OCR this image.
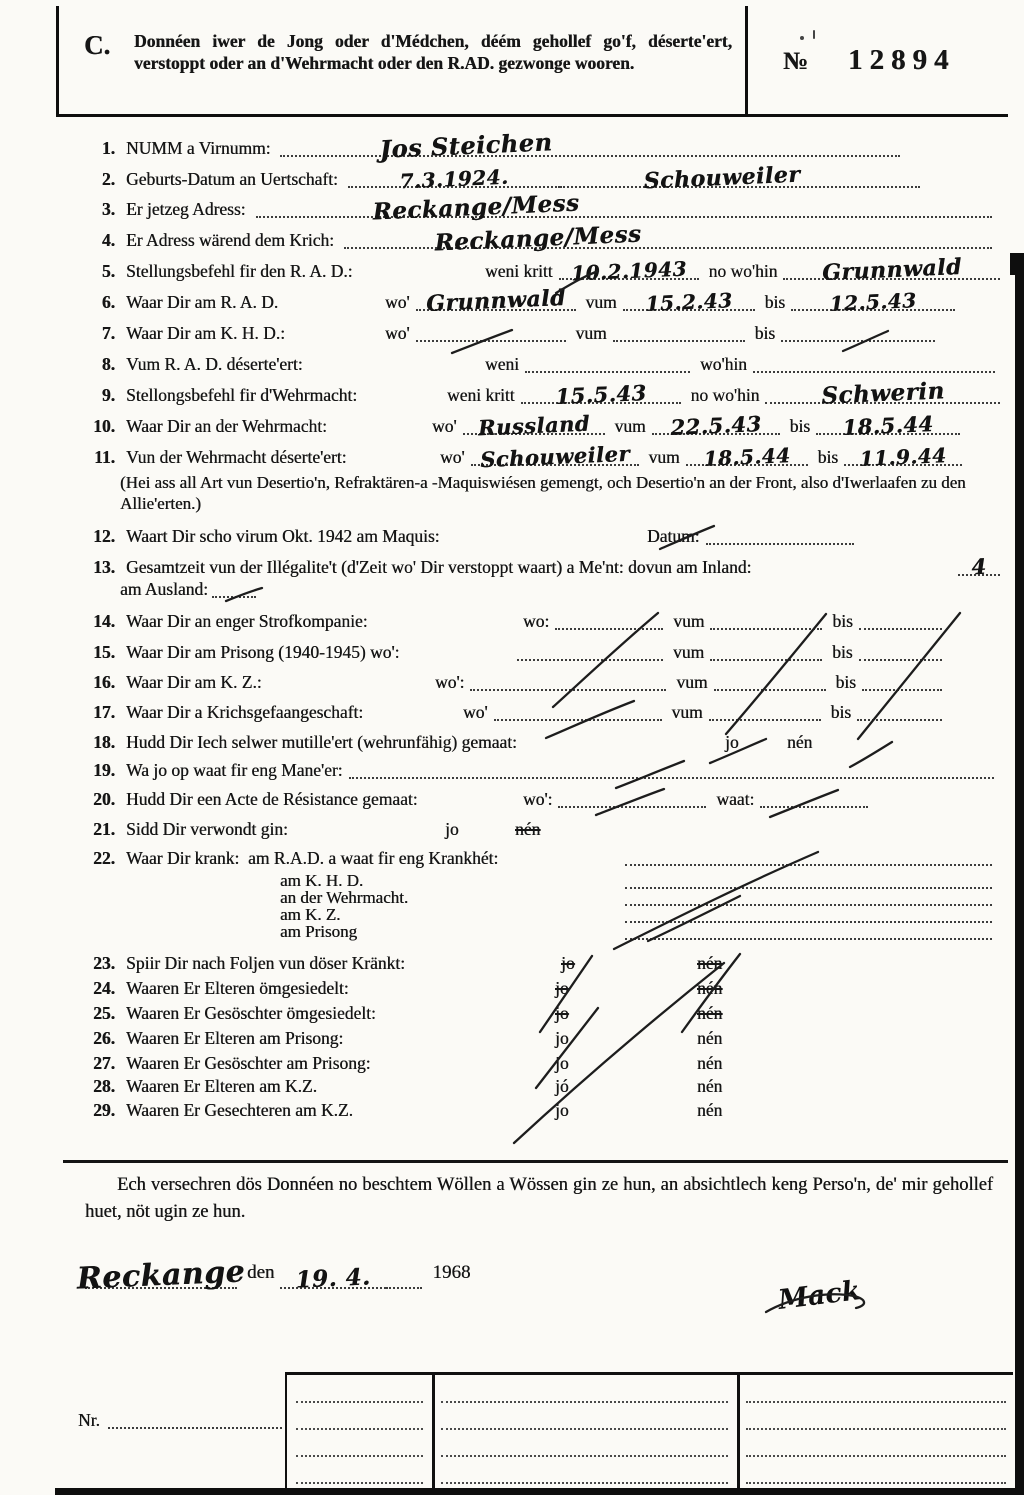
C. Donnéen iwer de Jong oder d'Médchen, déém gehollef go'f, déserte'ert, verstoppt oder an d'Wehrmacht oder den R.AD. gezwonge wooren.	№ 12894
1. NUMM a Virnumm:	Jos Steichen
2. Geburts-Datum an Uertschaft:	7.3.1924.	Schouweiler
3. Er jetzeg Adress:	Reckange/Mess
4. Er Adress wärend dem Krich:	Reckange/Mess
5. Stellungsbefehl fir den R. A. D.:	weni kritt 10.2.1943 no wo'hin Grunnwald
6. Waar Dir am R. A. D.	wo' Grunnwald vum 15.2.43 bis 12.5.43
7. Waar Dir am K. H. D.:	wo'	vum	bis
8. Vum R. A. D. déserte'ert:	weni	wo'hin
9. Stellongsbefehl fir d'Wehrmacht:	weni kritt 15.5.43	no wo'hin	Schwerin
10. Waar Dir an der Wehrmacht:	wo' Russland vum 22.5.43 bis 18.5.44
11. Vun der Wehrmacht déserte'ert:	wo' Schouweiler vum 18.5.44 bis 11.9.44
(Hei ass all Art vun Desertio'n, Refraktären-a -Maquiswiésen gemengt, och Desertio'n an der Front, also d'Iwerlaafen zu den Allie'erten.)
12. Waart Dir scho virum Okt. 1942 am Maquis:	Datum:
13. Gesamtzeit vun der Illégalite't (d'Zeit wo' Dir verstoppt waart) a Me'nt: dovun am Inland:	4
am Ausland:
14. Waar Dir an enger Strofkompanie:	wo:	vum	bis
15. Waar Dir am Prisong (1940-1945) wo':	vum	bis
16. Waar Dir am K. Z.:	wo':	vum	bis
17. Waar Dir a Krichsgefaangeschaft:	wo'	vum	bis
18. Hudd Dir Iech selwer mutille'ert (wehrunfähig) gemaat:	jo	nén
19. Wa jo op waat fir eng Mane'er:
20. Hudd Dir een Acte de Résistance gemaat:	wo':	waat:
21. Sidd Dir verwondt gin:	jo	nén
22. Waar Dir krank:  am R.A.D. a waat fir eng Krankhét:
am K. H. D.
an der Wehrmacht.
am K. Z.
am Prisong
23. Spiir Dir nach Foljen vun döser Kränkt:	jo	nén
24. Waaren Er Elteren ömgesiedelt:	jo	nén
25. Waaren Er Gesöschter ömgesiedelt:	jo	nén
26. Waaren Er Elteren am Prisong:	jo	nén
27. Waaren Er Gesöschter am Prisong:	jo	nén
28. Waaren Er Elteren am K.Z.	jó	nén
29. Waaren Er Gesechteren am K.Z.	jo	nén
Ech versechren dös Donnéen no beschtem Wöllen a Wössen gin ze hun, an absichtlech keng Perso'n, de' mir gehollef huet, nöt ugin ze hun.
Reckange den 19. 4.	1968
Mack
Nr.
